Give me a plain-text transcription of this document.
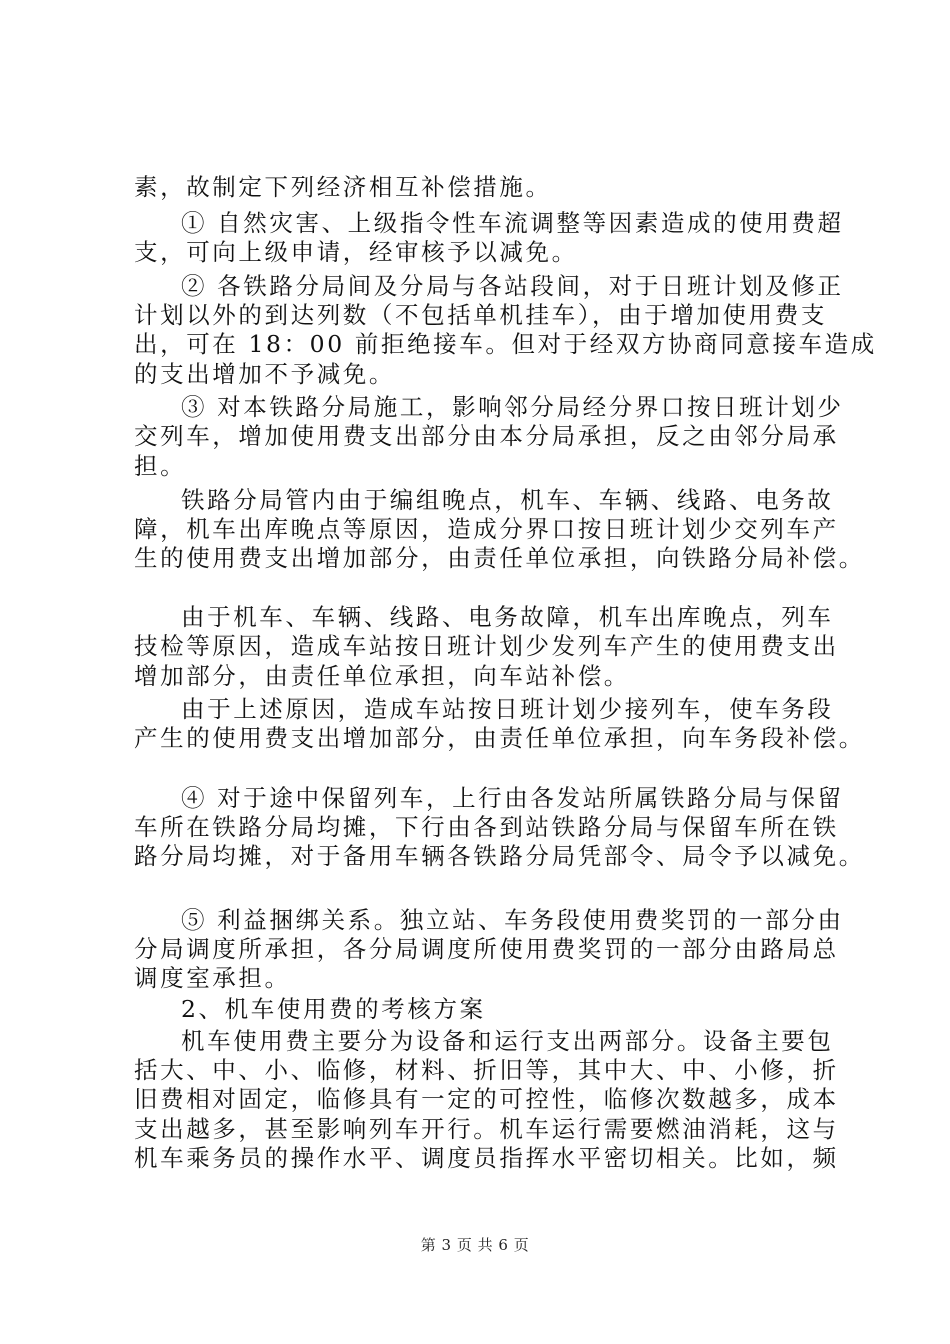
素，故制定下列经济相互补偿措施。
① 自然灾害、上级指令性车流调整等因素造成的使用费超
支，可向上级申请，经审核予以减免。
② 各铁路分局间及分局与各站段间，对于日班计划及修正
计划以外的到达列数（不包括单机挂车），由于增加使用费支
出，可在 18：00 前拒绝接车。但对于经双方协商同意接车造成
的支出增加不予减免。
③ 对本铁路分局施工，影响邻分局经分界口按日班计划少
交列车，增加使用费支出部分由本分局承担，反之由邻分局承
担。
铁路分局管内由于编组晚点，机车、车辆、线路、电务故
障，机车出库晚点等原因，造成分界口按日班计划少交列车产
生的使用费支出增加部分，由责任单位承担，向铁路分局补偿。
由于机车、车辆、线路、电务故障，机车出库晚点，列车
技检等原因，造成车站按日班计划少发列车产生的使用费支出
增加部分，由责任单位承担，向车站补偿。
由于上述原因，造成车站按日班计划少接列车，使车务段
产生的使用费支出增加部分，由责任单位承担，向车务段补偿。
④ 对于途中保留列车，上行由各发站所属铁路分局与保留
车所在铁路分局均摊，下行由各到站铁路分局与保留车所在铁
路分局均摊，对于备用车辆各铁路分局凭部令、局令予以减免。
⑤ 利益捆绑关系。独立站、车务段使用费奖罚的一部分由
分局调度所承担，各分局调度所使用费奖罚的一部分由路局总
调度室承担。
2、机车使用费的考核方案
机车使用费主要分为设备和运行支出两部分。设备主要包
括大、中、小、临修，材料、折旧等，其中大、中、小修，折
旧费相对固定，临修具有一定的可控性，临修次数越多，成本
支出越多，甚至影响列车开行。机车运行需要燃油消耗，这与
机车乘务员的操作水平、调度员指挥水平密切相关。比如，频
第 3 页 共 6 页
